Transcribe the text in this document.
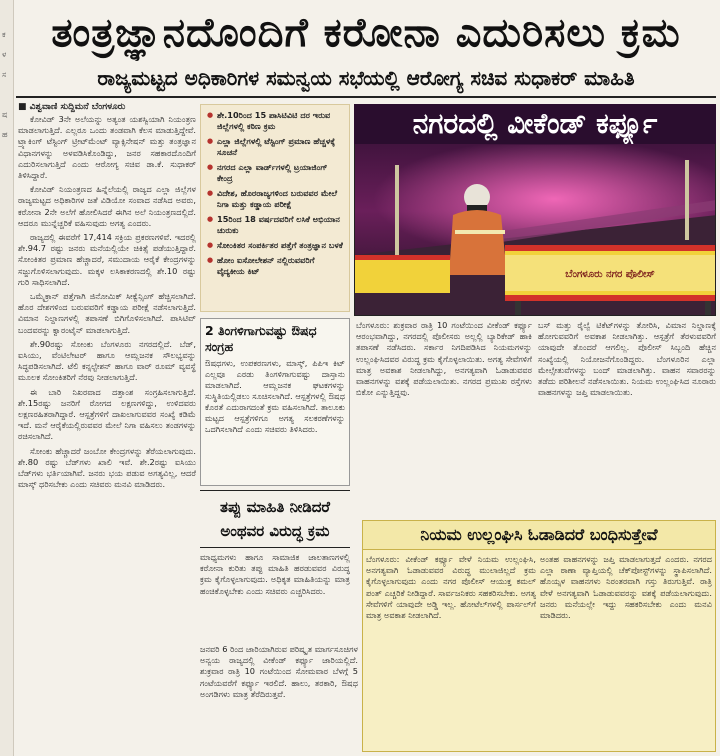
ಕ
ಳ
ಸ
ಷ
ಹ
ತಂತ್ರಜ್ಞಾನದೊಂದಿಗೆ ಕರೋನಾ ಎದುರಿಸಲು ಕ್ರಮ
ರಾಜ್ಯಮಟ್ಟದ ಅಧಿಕಾರಿಗಳ ಸಮನ್ವಯ ಸಭೆಯಲ್ಲಿ ಆರೋಗ್ಯ ಸಚಿವ ಸುಧಾಕರ್ ಮಾಹಿತಿ
■ ವಿಶ್ವವಾಣಿ ಸುದ್ದಿಮನೆ ಬೆಂಗಳೂರು

ಕೋವಿಡ್ 3ನೇ ಅಲೆಯನ್ನು ಅತ್ಯಂತ ಯಶಸ್ವಿಯಾಗಿ ನಿಯಂತ್ರಣ ಮಾಡಲಾಗುತ್ತಿದೆ. ಎಲ್ಲರೂ ಒಂದು ತಂಡವಾಗಿ ಕೆಲಸ ಮಾಡುತ್ತಿದ್ದೇವೆ. ಟ್ರ್ಯಾಕಿಂಗ್ ಟೆಸ್ಟಿಂಗ್ ಟ್ರೀಟ್‌ಮೆಂಟ್ ವ್ಯಾಕ್ಸಿನೇಷನ್ ಮತ್ತು ತಂತ್ರಜ್ಞಾನ ವಿಧಾನಗಳನ್ನು ಅಳವಡಿಸಿಕೊಂಡಿದ್ದು, ಜನರ ಸಹಕಾರದೊಂದಿಗೆ ಎದುರಿಸಲಾಗುತ್ತಿದೆ ಎಂದು ಆರೋಗ್ಯ ಸಚಿವ ಡಾ.ಕೆ. ಸುಧಾಕರ್ ತಿಳಿಸಿದ್ದಾರೆ.

ಕೋವಿಡ್ ನಿಯಂತ್ರಣದ ಹಿನ್ನೆಲೆಯಲ್ಲಿ ರಾಜ್ಯದ ಎಲ್ಲಾ ಜಿಲ್ಲೆಗಳ ರಾಜ್ಯಮಟ್ಟದ ಅಧಿಕಾರಿಗಳ ಜತೆ ವಿಡಿಯೋ ಸಂವಾದ ನಡೆಸಿದ ಅವರು, ಕರೋನಾ 2ನೇ ಅಲೆಗೆ ಹೋಲಿಸಿದರೆ ಈಗಿನ ಅಲೆ ನಿಯಂತ್ರಣದಲ್ಲಿದೆ. ಆದರೂ ಮುನ್ನೆಚ್ಚರಿಕೆ ವಹಿಸುವುದು ಅಗತ್ಯ ಎಂದರು.

ರಾಜ್ಯದಲ್ಲಿ ಈವರೆಗೆ 17,414 ಸಕ್ರಿಯ ಪ್ರಕರಣಗಳಿವೆ. ಇದರಲ್ಲಿ ಶೇ.94.7 ರಷ್ಟು ಜನರು ಮನೆಯಲ್ಲಿಯೇ ಚಿಕಿತ್ಸೆ ಪಡೆಯುತ್ತಿದ್ದಾರೆ. ಸೋಂಕಿತರ ಪ್ರಮಾಣ ಹೆಚ್ಚಾದರೆ, ಸಮುದಾಯ ಆರೈಕೆ ಕೇಂದ್ರಗಳನ್ನು ಸಜ್ಜುಗೊಳಿಸಲಾಗುವುದು. ಮಕ್ಕಳ ಲಸಿಕಾಕರಣದಲ್ಲಿ ಶೇ.10 ರಷ್ಟು ಗುರಿ ಸಾಧಿಸಲಾಗಿದೆ.

ಒಮೈಕ್ರಾನ್ ಪತ್ತೆಗಾಗಿ ಜಿನೋಮಿಕ್ ಸೀಕ್ವೆನ್ಸಿಂಗ್ ಹೆಚ್ಚಿಸಲಾಗಿದೆ. ಹೊರ ದೇಶಗಳಿಂದ ಬರುವವರಿಗೆ ಕಡ್ಡಾಯ ಪರೀಕ್ಷೆ ನಡೆಸಲಾಗುತ್ತಿದೆ. ವಿಮಾನ ನಿಲ್ದಾಣಗಳಲ್ಲಿ ತಪಾಸಣೆ ಬಿಗಿಗೊಳಿಸಲಾಗಿದೆ. ಪಾಸಿಟಿವ್ ಬಂದವರನ್ನು ಕ್ವಾರಂಟೈನ್ ಮಾಡಲಾಗುತ್ತಿದೆ.

ಶೇ.90ರಷ್ಟು ಸೋಂಕು ಬೆಂಗಳೂರು ನಗರದಲ್ಲಿದೆ. ಬೆಡ್, ಐಸಿಯು, ವೆಂಟಿಲೇಟರ್ ಹಾಗೂ ಆಮ್ಲಜನಕ ಸೌಲಭ್ಯವನ್ನು ಸಿದ್ಧಪಡಿಸಲಾಗಿದೆ. ಟೆಲಿ ಕನ್ಸಲ್ಟೇಶನ್ ಹಾಗೂ ವಾರ್ ರೂಮ್ ವ್ಯವಸ್ಥೆ ಮೂಲಕ ಸೋಂಕಿತರಿಗೆ ನೆರವು ನೀಡಲಾಗುತ್ತಿದೆ.

ಈ ಬಾರಿ ನಿಖರವಾದ ದತ್ತಾಂಶ ಸಂಗ್ರಹಿಸಲಾಗುತ್ತಿದೆ. ಶೇ.15ರಷ್ಟು ಜನರಿಗೆ ರೋಗದ ಲಕ್ಷಣಗಳಿದ್ದು, ಉಳಿದವರು ಲಕ್ಷಣರಹಿತರಾಗಿದ್ದಾರೆ. ಆಸ್ಪತ್ರೆಗಳಿಗೆ ದಾಖಲಾಗುವವರ ಸಂಖ್ಯೆ ಕಡಿಮೆ ಇದೆ. ಮನೆ ಆರೈಕೆಯಲ್ಲಿರುವವರ ಮೇಲೆ ನಿಗಾ ವಹಿಸಲು ತಂಡಗಳನ್ನು ರಚಿಸಲಾಗಿದೆ.

ಸೋಂಕು ಹೆಚ್ಚಾದರೆ ಜಂಬೋ ಕೇಂದ್ರಗಳನ್ನು ತೆರೆಯಲಾಗುವುದು. ಶೇ.80 ರಷ್ಟು ಬೆಡ್‌ಗಳು ಖಾಲಿ ಇವೆ. ಶೇ.2ರಷ್ಟು ಐಸಿಯು ಬೆಡ್‌ಗಳು ಭರ್ತಿಯಾಗಿವೆ. ಜನರು ಭಯ ಪಡುವ ಅಗತ್ಯವಿಲ್ಲ, ಆದರೆ ಮಾಸ್ಕ್ ಧರಿಸಬೇಕು ಎಂದು ಸಚಿವರು ಮನವಿ ಮಾಡಿದರು.

● ಶೇ.10ರಿಂದ 15 ಪಾಸಿಟಿವಿಟಿ ದರ ಇರುವ ಜಿಲ್ಲೆಗಳಲ್ಲಿ ಕಠಿಣ ಕ್ರಮ
● ಎಲ್ಲಾ ಜಿಲ್ಲೆಗಳಲ್ಲಿ ಟೆಸ್ಟಿಂಗ್ ಪ್ರಮಾಣ ಹೆಚ್ಚಳಕ್ಕೆ ಸೂಚನೆ
● ನಗರದ ಎಲ್ಲಾ ವಾರ್ಡ್‌ಗಳಲ್ಲಿ ಟ್ರಯಾಜಿಂಗ್ ಕೇಂದ್ರ
● ವಿದೇಶ, ಹೊರರಾಜ್ಯಗಳಿಂದ ಬರುವವರ ಮೇಲೆ ನಿಗಾ ಮತ್ತು ಕಡ್ಡಾಯ ಪರೀಕ್ಷೆ
● 15ರಿಂದ 18 ವರ್ಷದವರಿಗೆ ಲಸಿಕೆ ಅಭಿಯಾನ ಚುರುಕು
● ಸೋಂಕಿತರ ಸಂಪರ್ಕಿತರ ಪತ್ತೆಗೆ ತಂತ್ರಜ್ಞಾನ ಬಳಕೆ
● ಹೋಂ ಐಸೋಲೇಶನ್ ನಲ್ಲಿರುವವರಿಗೆ ವೈದ್ಯಕೀಯ ಕಿಟ್	ಬೆಂಗಳೂರು ನಗರ ಪೊಲೀಸ್
ನಗರದಲ್ಲಿ ವೀಕೆಂಡ್ ಕರ್ಫ್ಯೂ
2 ತಿಂಗಳಿಗಾಗುವಷ್ಟು ಔಷಧ ಸಂಗ್ರಹ
ಔಷಧಗಳು, ಉಪಕರಣಗಳು, ಮಾಸ್ಕ್, ಪಿಪಿಇ ಕಿಟ್ ಎಲ್ಲವೂ ಎರಡು ತಿಂಗಳಿಗಾಗುವಷ್ಟು ದಾಸ್ತಾನು ಮಾಡಲಾಗಿದೆ. ಆಮ್ಲಜನಕ ಘಟಕಗಳನ್ನು ಸುಸ್ಥಿತಿಯಲ್ಲಿಡಲು ಸೂಚಿಸಲಾಗಿದೆ. ಆಸ್ಪತ್ರೆಗಳಲ್ಲಿ ಔಷಧ ಕೊರತೆ ಎದುರಾಗದಂತೆ ಕ್ರಮ ವಹಿಸಲಾಗಿದೆ. ತಾಲೂಕು ಮಟ್ಟದ ಆಸ್ಪತ್ರೆಗಳಿಗೂ ಅಗತ್ಯ ಸಲಕರಣೆಗಳನ್ನು ಒದಗಿಸಲಾಗಿದೆ ಎಂದು ಸಚಿವರು ತಿಳಿಸಿದರು.
ತಪ್ಪು ಮಾಹಿತಿ ನೀಡಿದರೆ ಅಂಥವರ ವಿರುದ್ಧ ಕ್ರಮ
ಮಾಧ್ಯಮಗಳು ಹಾಗೂ ಸಾಮಾಜಿಕ ಜಾಲತಾಣಗಳಲ್ಲಿ ಕರೋನಾ ಕುರಿತು ತಪ್ಪು ಮಾಹಿತಿ ಹರಡುವವರ ವಿರುದ್ಧ ಕ್ರಮ ಕೈಗೊಳ್ಳಲಾಗುವುದು. ಅಧಿಕೃತ ಮಾಹಿತಿಯನ್ನು ಮಾತ್ರ ಹಂಚಿಕೊಳ್ಳಬೇಕು ಎಂದು ಸಚಿವರು ಎಚ್ಚರಿಸಿದರು.
ಬೆಂಗಳೂರು: ಶುಕ್ರವಾರ ರಾತ್ರಿ 10 ಗಂಟೆಯಿಂದ ವೀಕೆಂಡ್ ಕರ್ಫ್ಯೂ ಆರಂಭವಾಗಿದ್ದು, ನಗರದಲ್ಲಿ ಪೊಲೀಸರು ಅಲ್ಲಲ್ಲಿ ಬ್ಯಾರಿಕೇಡ್ ಹಾಕಿ ತಪಾಸಣೆ ನಡೆಸಿದರು. ಸರ್ಕಾರ ನಿಗದಿಪಡಿಸಿದ ನಿಯಮಗಳನ್ನು ಉಲ್ಲಂಘಿಸಿದವರ ವಿರುದ್ಧ ಕ್ರಮ ಕೈಗೊಳ್ಳಲಾಯಿತು. ಅಗತ್ಯ ಸೇವೆಗಳಿಗೆ ಮಾತ್ರ ಅವಕಾಶ ನೀಡಲಾಗಿದ್ದು, ಅನಗತ್ಯವಾಗಿ ಓಡಾಡುವವರ ವಾಹನಗಳನ್ನು ವಶಕ್ಕೆ ಪಡೆಯಲಾಯಿತು. ನಗರದ ಪ್ರಮುಖ ರಸ್ತೆಗಳು ಬಿಕೋ ಎನ್ನುತ್ತಿದ್ದವು.
ಬಸ್ ಮತ್ತು ರೈಲ್ವೆ ಟಿಕೆಟ್‌ಗಳನ್ನು ತೋರಿಸಿ, ವಿಮಾನ ನಿಲ್ದಾಣಕ್ಕೆ ಹೋಗುವವರಿಗೆ ಅವಕಾಶ ನೀಡಲಾಗಿತ್ತು. ಆಸ್ಪತ್ರೆಗೆ ತೆರಳುವವರಿಗೆ ಯಾವುದೇ ತೊಂದರೆ ಆಗಲಿಲ್ಲ. ಪೊಲೀಸ್ ಸಿಬ್ಬಂದಿ ಹೆಚ್ಚಿನ ಸಂಖ್ಯೆಯಲ್ಲಿ ನಿಯೋಜನೆಗೊಂಡಿದ್ದರು. ಬೆಂಗಳೂರಿನ ಎಲ್ಲಾ ಮೇಲ್ಸೇತುವೆಗಳನ್ನು ಬಂದ್ ಮಾಡಲಾಗಿತ್ತು. ವಾಹನ ಸವಾರರನ್ನು ತಡೆದು ಪರಿಶೀಲನೆ ನಡೆಸಲಾಯಿತು. ನಿಯಮ ಉಲ್ಲಂಘಿಸಿದ ನೂರಾರು ವಾಹನಗಳನ್ನು ಜಪ್ತಿ ಮಾಡಲಾಯಿತು.
ನಿಯಮ ಉಲ್ಲಂಘಿಸಿ ಓಡಾಡಿದರೆ ಬಂಧಿಸುತ್ತೇವೆ
ಬೆಂಗಳೂರು: ವೀಕೆಂಡ್ ಕರ್ಫ್ಯೂ ವೇಳೆ ನಿಯಮ ಉಲ್ಲಂಘಿಸಿ, ಅನಗತ್ಯವಾಗಿ ಓಡಾಡುವವರ ವಿರುದ್ಧ ಮುಲಾಜಿಲ್ಲದೆ ಕ್ರಮ ಕೈಗೊಳ್ಳಲಾಗುವುದು ಎಂದು ನಗರ ಪೊಲೀಸ್ ಆಯುಕ್ತ ಕಮಲ್ ಪಂತ್ ಎಚ್ಚರಿಕೆ ನೀಡಿದ್ದಾರೆ. ಸಾರ್ವಜನಿಕರು ಸಹಕರಿಸಬೇಕು. ಅಗತ್ಯ ಸೇವೆಗಳಿಗೆ ಯಾವುದೇ ಅಡ್ಡಿ ಇಲ್ಲ. ಹೋಟೆಲ್‌ಗಳಲ್ಲಿ ಪಾರ್ಸಲ್‌ಗೆ ಮಾತ್ರ ಅವಕಾಶ ನೀಡಲಾಗಿದೆ.
ಅಂತಹ ವಾಹನಗಳನ್ನು ಜಪ್ತಿ ಮಾಡಲಾಗುತ್ತದೆ ಎಂದರು. ನಗರದ ಎಲ್ಲಾ ಠಾಣಾ ವ್ಯಾಪ್ತಿಯಲ್ಲಿ ಚೆಕ್‌ಪೋಸ್ಟ್‌ಗಳನ್ನು ಸ್ಥಾಪಿಸಲಾಗಿದೆ. ಹೊಯ್ಸಳ ವಾಹನಗಳು ನಿರಂತರವಾಗಿ ಗಸ್ತು ತಿರುಗುತ್ತಿವೆ. ರಾತ್ರಿ ವೇಳೆ ಅನಗತ್ಯವಾಗಿ ಓಡಾಡುವವರನ್ನು ವಶಕ್ಕೆ ಪಡೆಯಲಾಗುವುದು. ಜನರು ಮನೆಯಲ್ಲೇ ಇದ್ದು ಸಹಕರಿಸಬೇಕು ಎಂದು ಮನವಿ ಮಾಡಿದರು.
ಜನವರಿ 6 ರಿಂದ ಜಾರಿಯಾಗಿರುವ ಪರಿಷ್ಕೃತ ಮಾರ್ಗಸೂಚಿಗಳ ಅನ್ವಯ ರಾಜ್ಯದಲ್ಲಿ ವೀಕೆಂಡ್ ಕರ್ಫ್ಯೂ ಜಾರಿಯಲ್ಲಿದೆ. ಶುಕ್ರವಾರ ರಾತ್ರಿ 10 ಗಂಟೆಯಿಂದ ಸೋಮವಾರ ಬೆಳಗ್ಗೆ 5 ಗಂಟೆಯವರೆಗೆ ಕರ್ಫ್ಯೂ ಇರಲಿದೆ. ಹಾಲು, ತರಕಾರಿ, ಔಷಧ ಅಂಗಡಿಗಳು ಮಾತ್ರ ತೆರೆದಿರುತ್ತವೆ.
